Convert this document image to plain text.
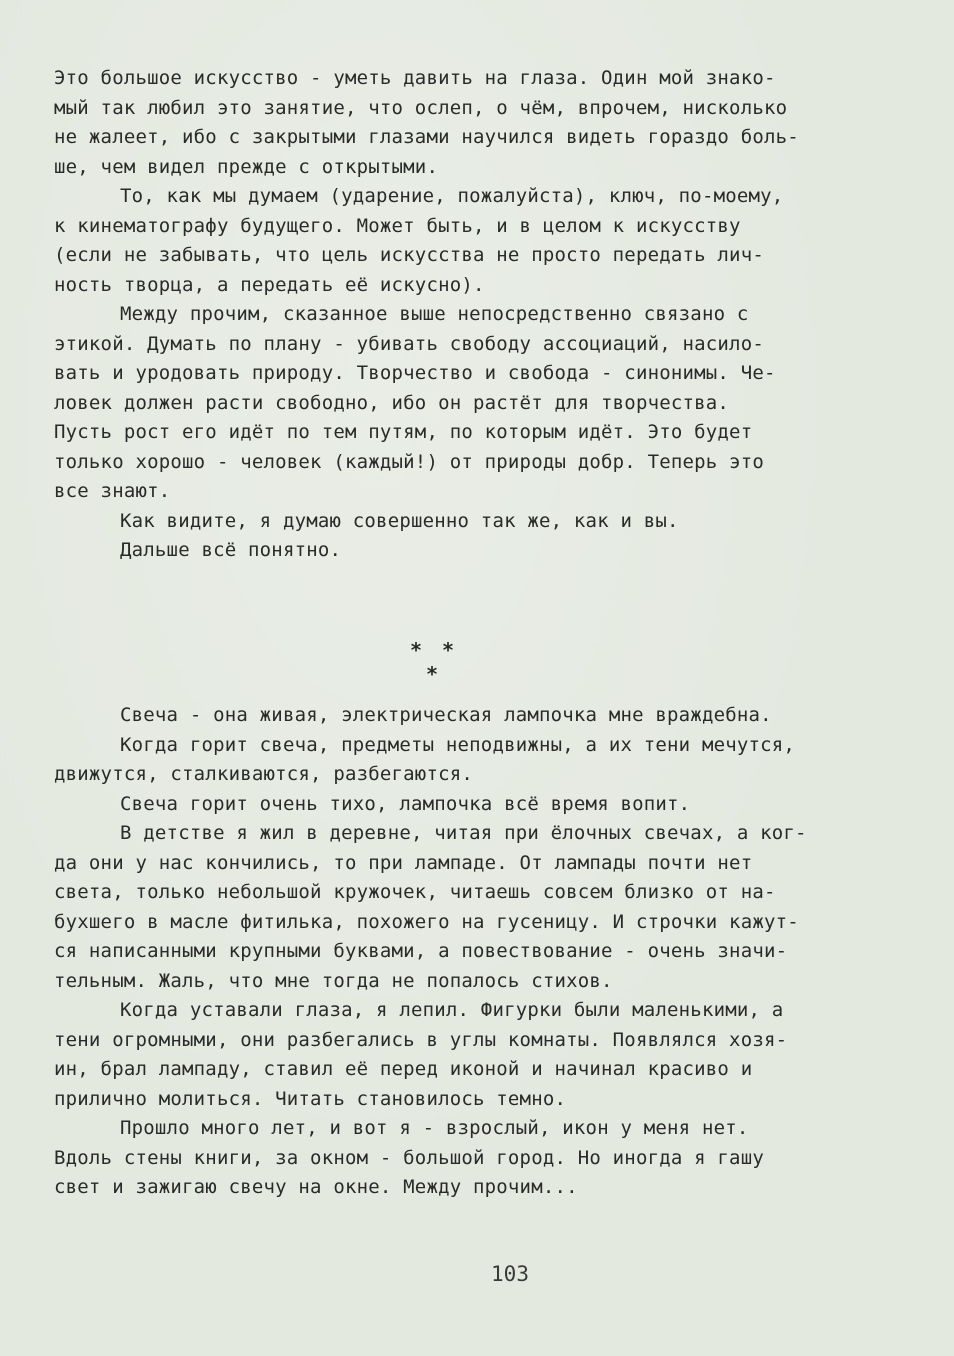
Это большое искусство - уметь давить на глаза. Один мой знако-
мый так любил это занятие, что ослеп, о чём, впрочем, нисколько
не жалеет, ибо с закрытыми глазами научился видеть гораздо боль-
ше, чем видел прежде с открытыми.
То, как мы думаем (ударение, пожалуйста), ключ, по-моему,
к кинематографу будущего. Может быть, и в целом к искусству
(если не забывать, что цель искусства не просто передать лич-
ность творца, а передать её искусно).
Между прочим, сказанное выше непосредственно связано с
этикой. Думать по плану - убивать свободу ассоциаций, насило-
вать и уродовать природу. Творчество и свобода - синонимы. Че-
ловек должен расти свободно, ибо он растёт для творчества.
Пусть рост его идёт по тем путям, по которым идёт. Это будет
только хорошо - человек (каждый!) от природы добр. Теперь это
все знают.
Как видите, я думаю совершенно так же, как и вы.
Дальше всё понятно.
* * *
Свеча - она живая, электрическая лампочка мне враждебна.
Когда горит свеча, предметы неподвижны, а их тени мечутся,
движутся, сталкиваются, разбегаются.
Свеча горит очень тихо, лампочка всё время вопит.
В детстве я жил в деревне, читая при ёлочных свечах, а ког-
да они у нас кончились, то при лампаде. От лампады почти нет
света, только небольшой кружочек, читаешь совсем близко от на-
бухшего в масле фитилька, похожего на гусеницу. И строчки кажут-
ся написанными крупными буквами, а повествование - очень значи-
тельным. Жаль, что мне тогда не попалось стихов.
Когда уставали глаза, я лепил. Фигурки были маленькими, а
тени огромными, они разбегались в углы комнаты. Появлялся хозя-
ин, брал лампаду, ставил её перед иконой и начинал красиво и
прилично молиться. Читать становилось темно.
Прошло много лет, и вот я - взрослый, икон у меня нет.
Вдоль стены книги, за окном - большой город. Но иногда я гашу
свет и зажигаю свечу на окне. Между прочим...
103
